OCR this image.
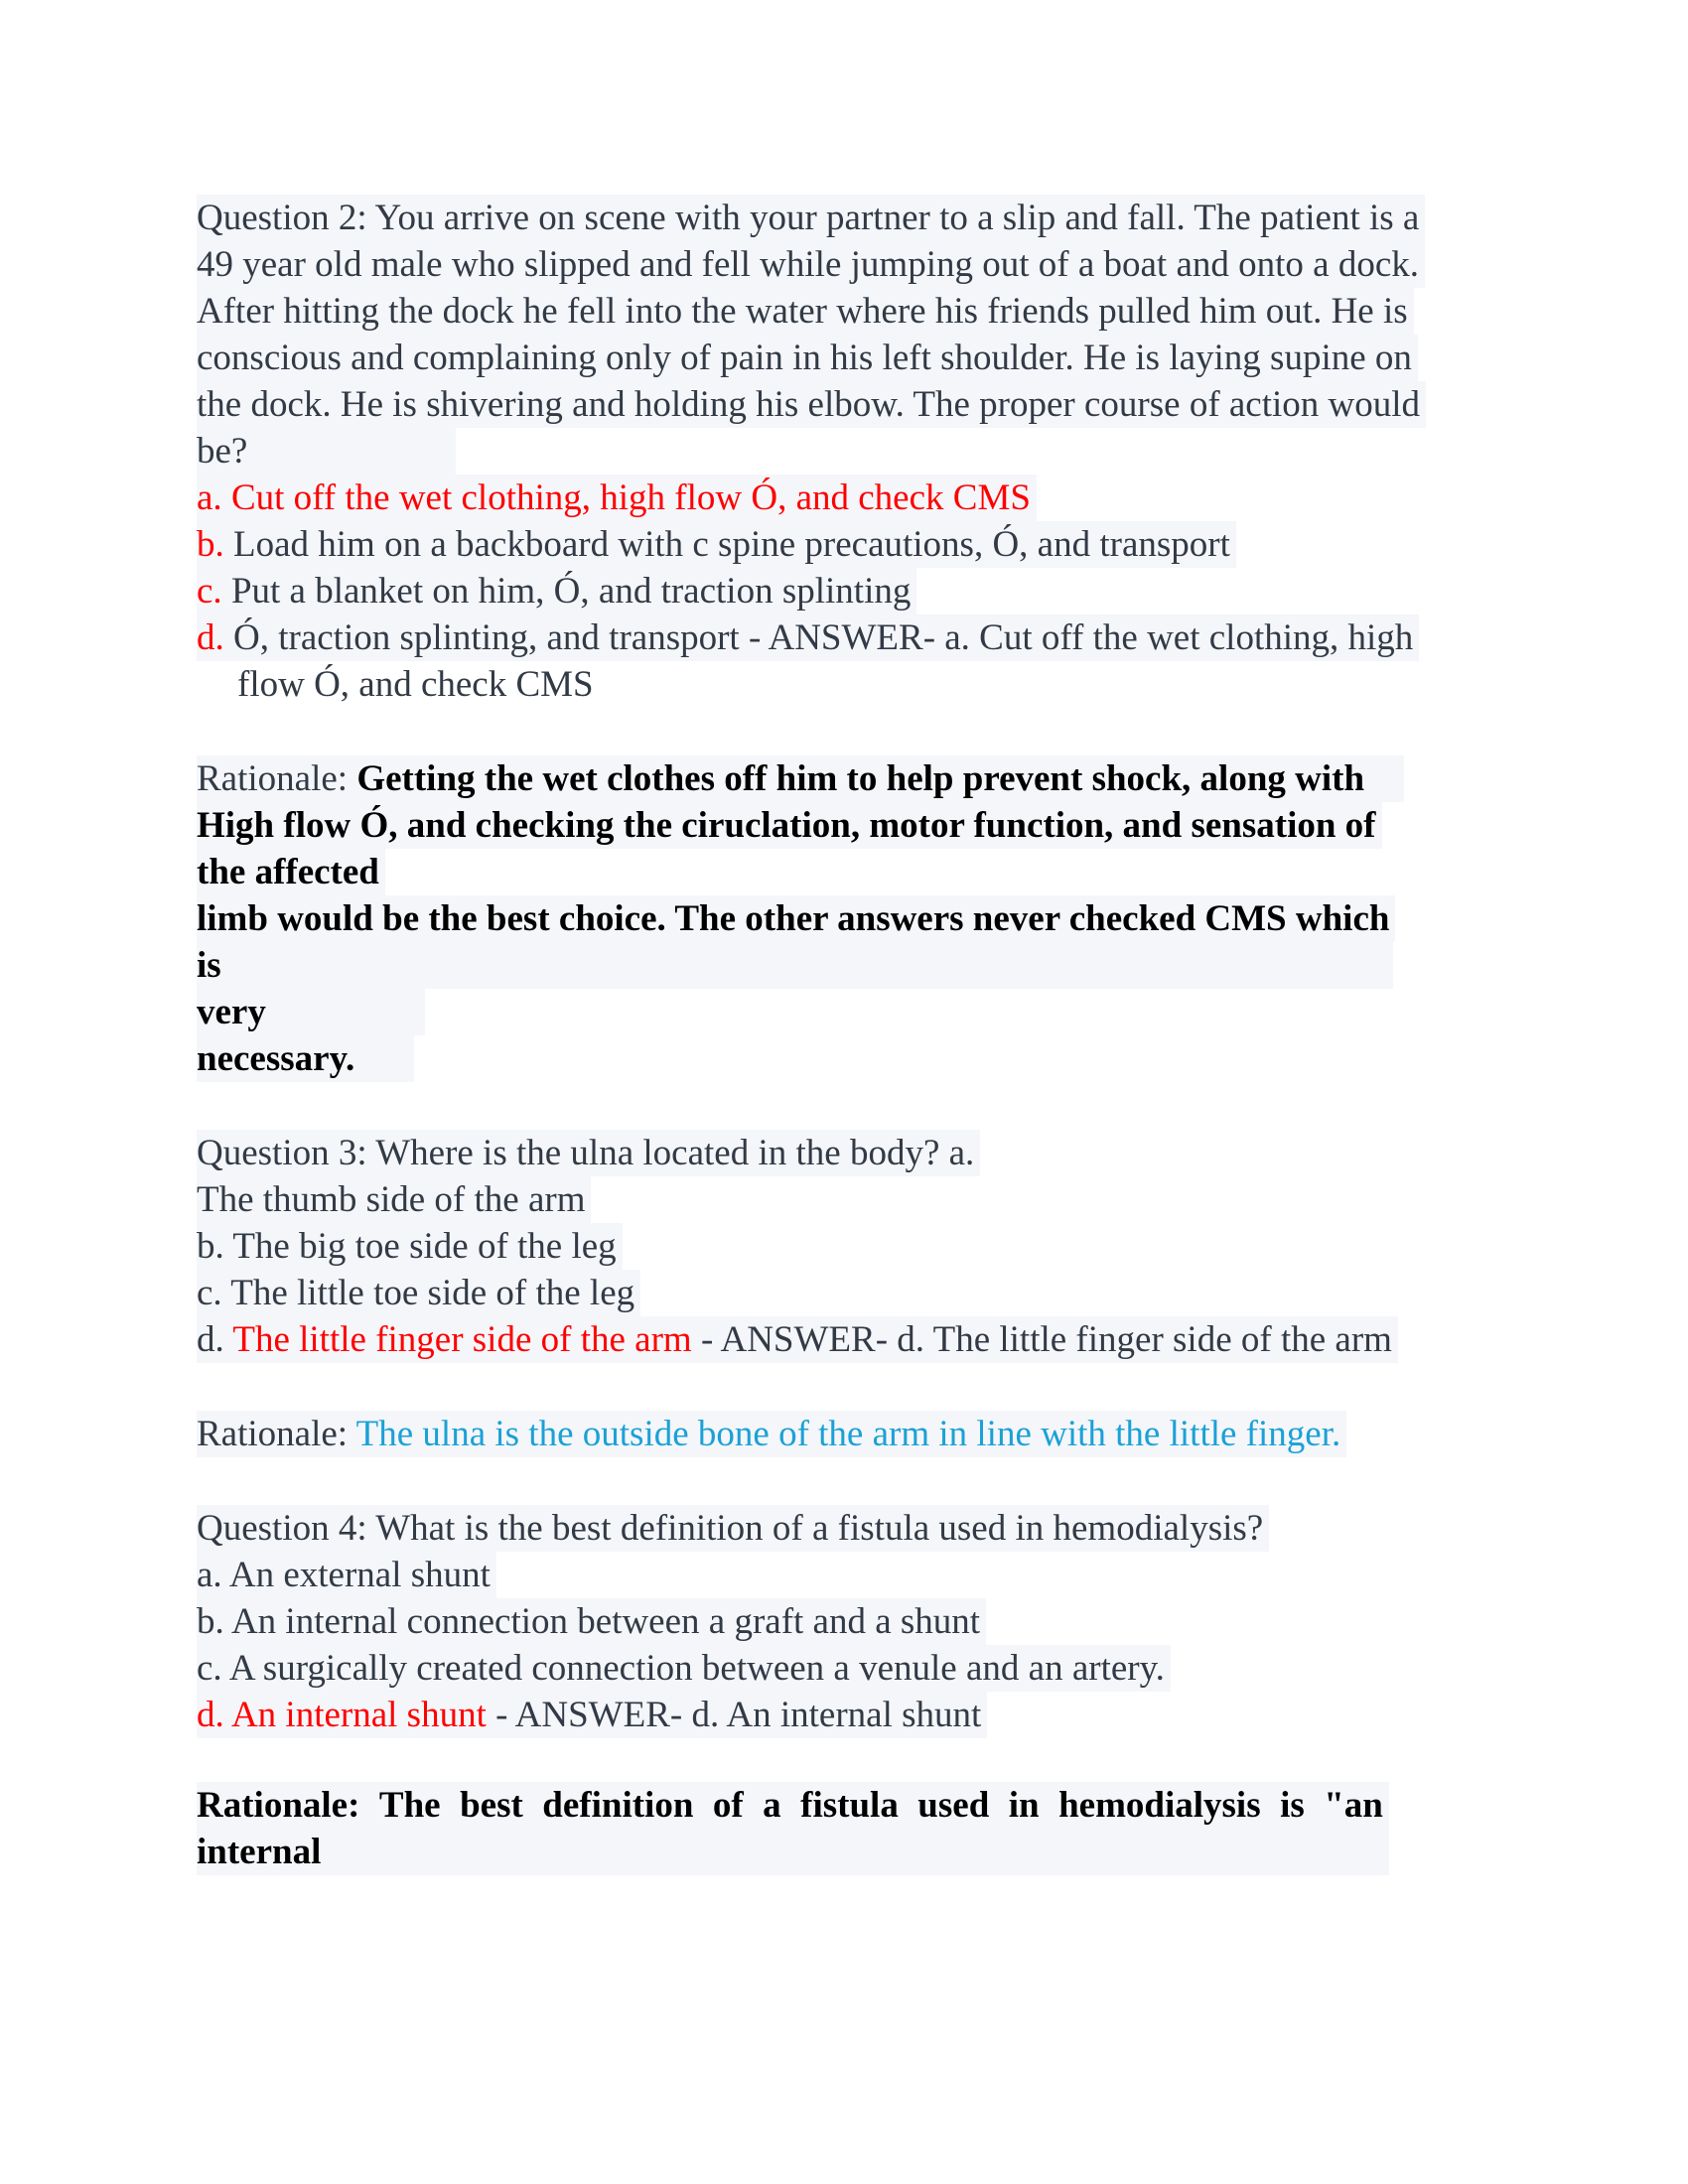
Question 2: You arrive on scene with your partner to a slip and fall. The patient is a
49 year old male who slipped and fell while jumping out of a boat and onto a dock.
After hitting the dock he fell into the water where his friends pulled him out. He is
conscious and complaining only of pain in his left shoulder. He is laying supine on
the dock. He is shivering and holding his elbow. The proper course of action would
be?
a. Cut off the wet clothing, high flow Ó, and check CMS
b. Load him on a backboard with c spine precautions, Ó, and transport
c. Put a blanket on him, Ó, and traction splinting
d. Ó, traction splinting, and transport - ANSWER- a. Cut off the wet clothing, high
flow Ó, and check CMS
Rationale: Getting the wet clothes off him to help prevent shock, along with
High flow Ó, and checking the ciruclation, motor function, and sensation of
the affected
limb would be the best choice. The other answers never checked CMS which
is
very
necessary.
Question 3: Where is the ulna located in the body? a.
The thumb side of the arm
b. The big toe side of the leg
c. The little toe side of the leg
d. The little finger side of the arm - ANSWER- d. The little finger side of the arm
Rationale: The ulna is the outside bone of the arm in line with the little finger.
Question 4: What is the best definition of a fistula used in hemodialysis?
a. An external shunt
b. An internal connection between a graft and a shunt
c. A surgically created connection between a venule and an artery.
d. An internal shunt - ANSWER- d. An internal shunt
Rationale: The best definition of a fistula used in hemodialysis is "an
internal
